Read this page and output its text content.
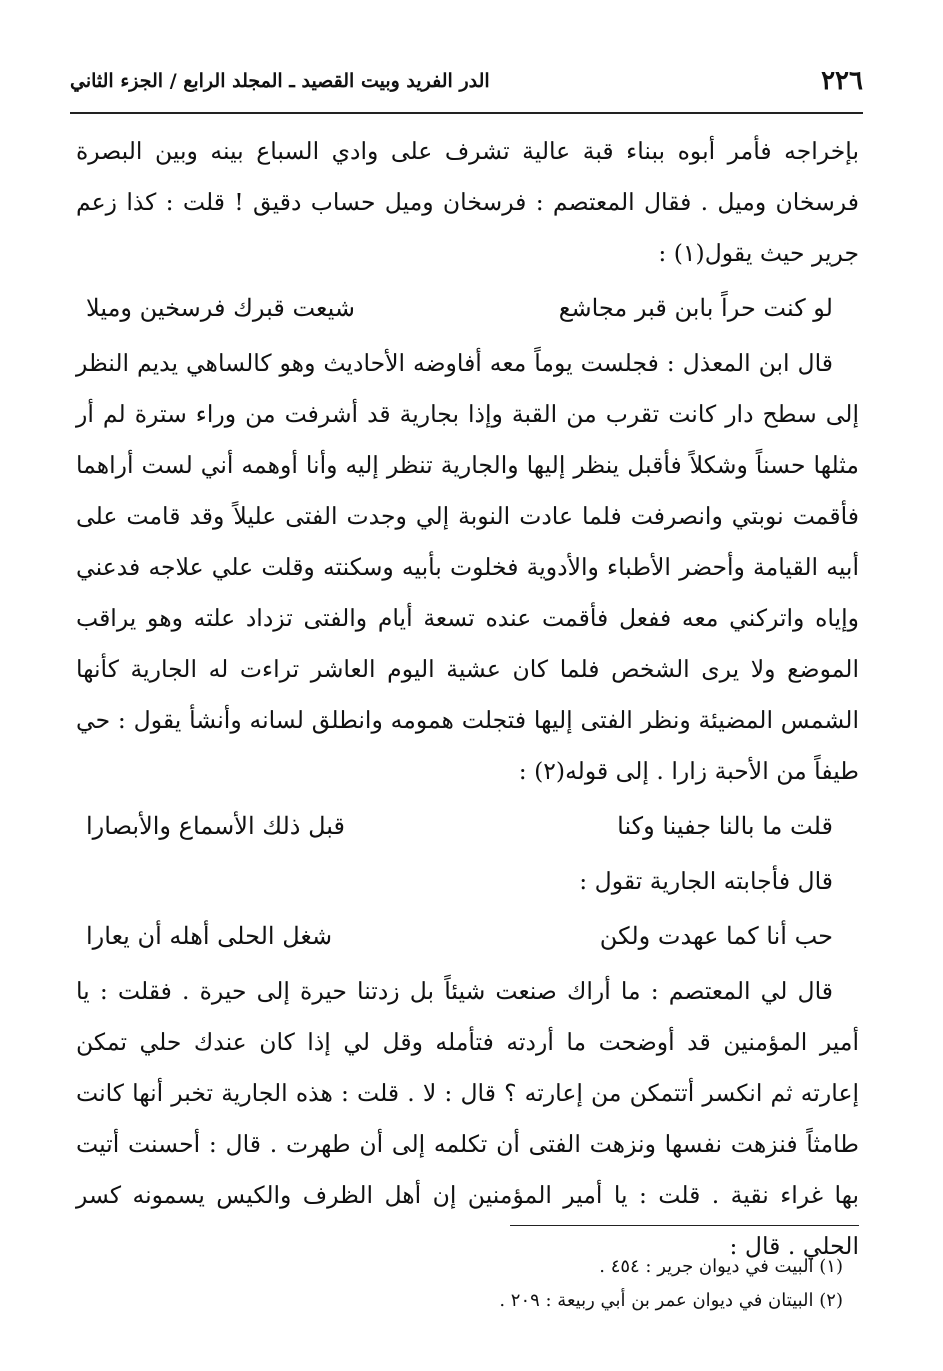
٢٢٦
الدر الفريد وبيت القصيد ـ المجلد الرابع / الجزء الثاني

بإخراجه فأمر أبوه ببناء قبة عالية تشرف على وادي السباع بينه وبين البصرة فرسخان وميل . فقال المعتصم : فرسخان وميل حساب دقيق ! قلت : كذا زعم جرير حيث يقول(١) :

لو كنت حراً بابن قبر مجاشع
شيعت قبرك فرسخين وميلا

قال ابن المعذل : فجلست يوماً معه أفاوضه الأحاديث وهو كالساهي يديم النظر إلى سطح دار كانت تقرب من القبة وإذا بجارية قد أشرفت من وراء سترة لم أر مثلها حسناً وشكلاً فأقبل ينظر إليها والجارية تنظر إليه وأنا أوهمه أني لست أراهما فأقمت نوبتي وانصرفت فلما عادت النوبة إلي وجدت الفتى عليلاً وقد قامت على أبيه القيامة وأحضر الأطباء والأدوية فخلوت بأبيه وسكنته وقلت علي علاجه فدعني وإياه واتركني معه ففعل فأقمت عنده تسعة أيام والفتى تزداد علته وهو يراقب الموضع ولا يرى الشخص فلما كان عشية اليوم العاشر تراءت له الجارية كأنها الشمس المضيئة ونظر الفتى إليها فتجلت همومه وانطلق لسانه وأنشأ يقول : حي طيفاً من الأحبة زارا . إلى قوله(٢) :

قلت ما بالنا جفينا وكنا
قبل ذلك الأسماع والأبصارا

قال فأجابته الجارية تقول :

حب أنا كما عهدت ولكن
شغل الحلى أهله أن يعارا

قال لي المعتصم : ما أراك صنعت شيئاً بل زدتنا حيرة إلى حيرة . فقلت : يا أمير المؤمنين قد أوضحت ما أردته فتأمله وقل لي إذا كان عندك حلي تمكن إعارته ثم انكسر أتتمكن من إعارته ؟ قال : لا . قلت : هذه الجارية تخبر أنها كانت طامثاً فنزهت نفسها ونزهت الفتى أن تكلمه إلى أن طهرت . قال : أحسنت أتيت بها غراء نقية . قلت : يا أمير المؤمنين إن أهل الظرف والكيس يسمونه كسر الحلي . قال :

(١) البيت في ديوان جرير : ٤٥٤ .

(٢) البيتان في ديوان عمر بن أبي ربيعة : ٢٠٩ .
